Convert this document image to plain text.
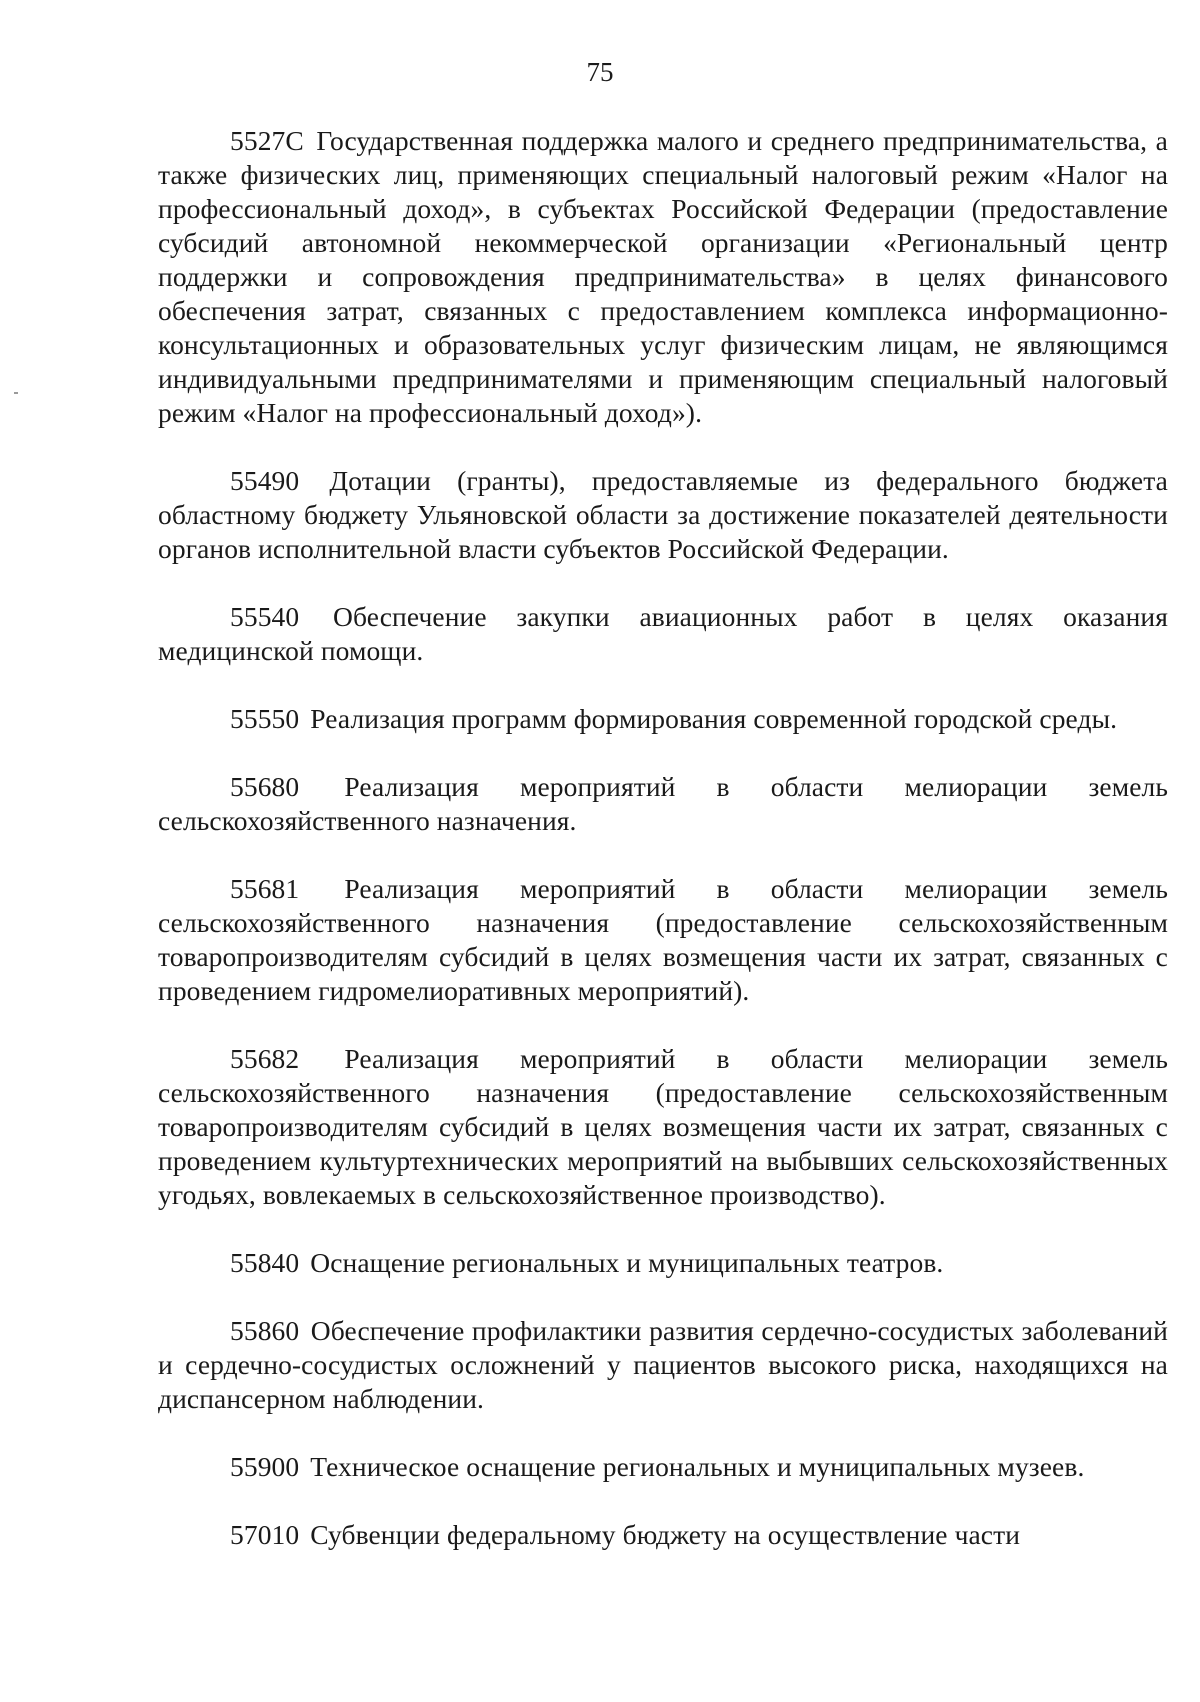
75

5527C Государственная поддержка малого и среднего предпринимательства, а также физических лиц, применяющих специальный налоговый режим «Налог на профессиональный доход», в субъектах Российской Федерации (предоставление субсидий автономной некоммерческой организации «Региональный центр поддержки и сопровождения предпринимательства» в целях финансового обеспечения затрат, связанных с предоставлением комплекса информационно-консультационных и образовательных услуг физическим лицам, не являющимся индивидуальными предпринимателями и применяющим специальный налоговый режим «Налог на профессиональный доход»).

55490 Дотации (гранты), предоставляемые из федерального бюджета областному бюджету Ульяновской области за достижение показателей деятельности органов исполнительной власти субъектов Российской Федерации.

55540 Обеспечение закупки авиационных работ в целях оказания медицинской помощи.

55550 Реализация программ формирования современной городской среды.

55680 Реализация мероприятий в области мелиорации земель сельскохозяйственного назначения.

55681 Реализация мероприятий в области мелиорации земель сельскохозяйственного назначения (предоставление сельскохозяйственным товаропроизводителям субсидий в целях возмещения части их затрат, связанных с проведением гидромелиоративных мероприятий).

55682 Реализация мероприятий в области мелиорации земель сельскохозяйственного назначения (предоставление сельскохозяйственным товаропроизводителям субсидий в целях возмещения части их затрат, связанных с проведением культуртехнических мероприятий на выбывших сельскохозяйственных угодьях, вовлекаемых в сельскохозяйственное производство).

55840 Оснащение региональных и муниципальных театров.

55860 Обеспечение профилактики развития сердечно-сосудистых заболеваний и сердечно-сосудистых осложнений у пациентов высокого риска, находящихся на диспансерном наблюдении.

55900 Техническое оснащение региональных и муниципальных музеев.

57010 Субвенции федеральному бюджету на осуществление части
